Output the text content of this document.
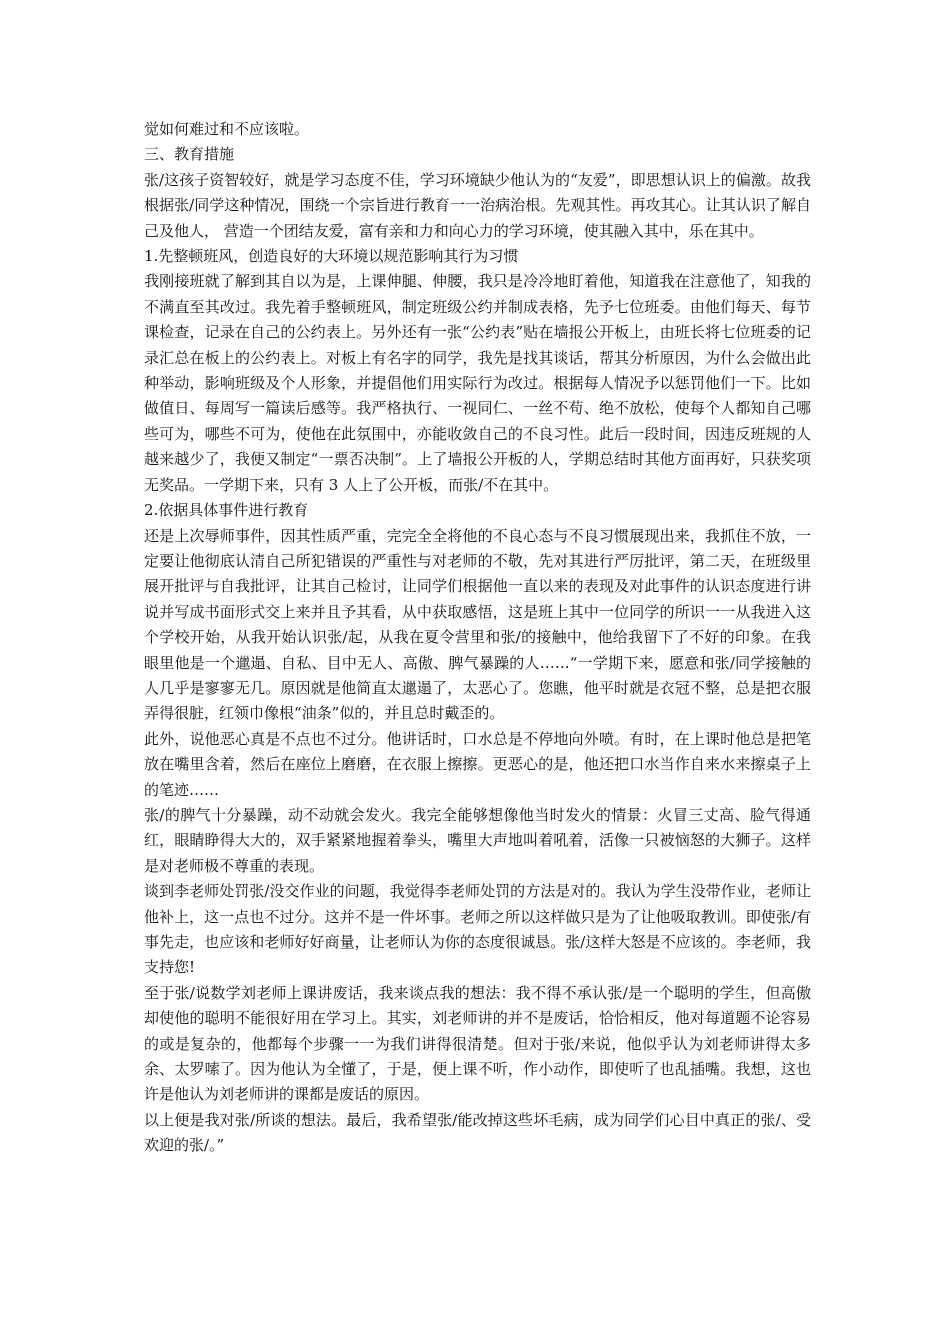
觉如何难过和不应该啦。

三、教育措施

张/这孩子资智较好，就是学习态度不佳，学习环境缺少他认为的“友爱”，即思想认识上的偏激。故我根据张/同学这种情况，围绕一个宗旨进行教育一一治病治根。先观其性。再攻其心。让其认识了解自己及他人， 营造一个团结友爱，富有亲和力和向心力的学习环境，使其融入其中，乐在其中。

1.先整顿班风，创造良好的大环境以规范影响其行为习惯

我刚接班就了解到其自以为是，上课伸腿、伸腰，我只是冷冷地盯着他，知道我在注意他了，知我的不满直至其改过。我先着手整顿班风，制定班级公约并制成表格，先予七位班委。由他们每天、每节课检查，记录在自己的公约表上。另外还有一张“公约表”贴在墙报公开板上，由班长将七位班委的记录汇总在板上的公约表上。对板上有名字的同学，我先是找其谈话，帮其分析原因，为什么会做出此种举动，影响班级及个人形象，并提倡他们用实际行为改过。根据每人情况予以惩罚他们一下。比如做值日、每周写一篇读后感等。我严格执行、一视同仁、一丝不苟、绝不放松，使每个人都知自己哪些可为，哪些不可为，使他在此氛围中，亦能收敛自己的不良习性。此后一段时间，因违反班规的人越来越少了，我便又制定“一票否决制”。上了墙报公开板的人，学期总结时其他方面再好，只获奖项无奖品。一学期下来，只有 3 人上了公开板，而张/不在其中。

2.依据具体事件进行教育

还是上次辱师事件，因其性质严重，完完全全将他的不良心态与不良习惯展现出来，我抓住不放，一定要让他彻底认清自己所犯错误的严重性与对老师的不敬，先对其进行严厉批评，第二天，在班级里展开批评与自我批评，让其自己检讨，让同学们根据他一直以来的表现及对此事件的认识态度进行讲说并写成书面形式交上来并且予其看，从中获取感悟，这是班上其中一位同学的所识一一从我进入这个学校开始，从我开始认识张/起，从我在夏令营里和张/的接触中，他给我留下了不好的印象。在我眼里他是一个邋遢、自私、目中无人、高傲、脾气暴躁的人……“一学期下来，愿意和张/同学接触的人几乎是寥寥无几。原因就是他简直太邋遢了，太恶心了。您瞧，他平时就是衣冠不整，总是把衣服弄得很脏，红领巾像根“油条”似的，并且总时戴歪的。

此外，说他恶心真是不点也不过分。他讲话时，口水总是不停地向外喷。有时，在上课时他总是把笔放在嘴里含着，然后在座位上磨磨，在衣服上擦擦。更恶心的是，他还把口水当作自来水来擦桌子上的笔迹……

张/的脾气十分暴躁，动不动就会发火。我完全能够想像他当时发火的情景：火冒三丈高、脸气得通红，眼睛睁得大大的，双手紧紧地握着拳头，嘴里大声地叫着吼着，活像一只被恼怒的大狮子。这样是对老师极不尊重的表现。

谈到李老师处罚张/没交作业的问题，我觉得李老师处罚的方法是对的。我认为学生没带作业，老师让他补上，这一点也不过分。这并不是一件坏事。老师之所以这样做只是为了让他吸取教训。即使张/有事先走，也应该和老师好好商量，让老师认为你的态度很诚恳。张/这样大怒是不应该的。李老师，我支持您!

至于张/说数学刘老师上课讲废话，我来谈点我的想法：我不得不承认张/是一个聪明的学生，但高傲却使他的聪明不能很好用在学习上。其实，刘老师讲的并不是废话，恰恰相反，他对每道题不论容易的或是复杂的，他都每个步骤一一为我们讲得很清楚。但对于张/来说，他似乎认为刘老师讲得太多余、太罗嗦了。因为他认为全懂了，于是，便上课不听，作小动作，即使听了也乱插嘴。我想，这也许是他认为刘老师讲的课都是废话的原因。

以上便是我对张/所谈的想法。最后，我希望张/能改掉这些坏毛病，成为同学们心目中真正的张/、受欢迎的张/。”
